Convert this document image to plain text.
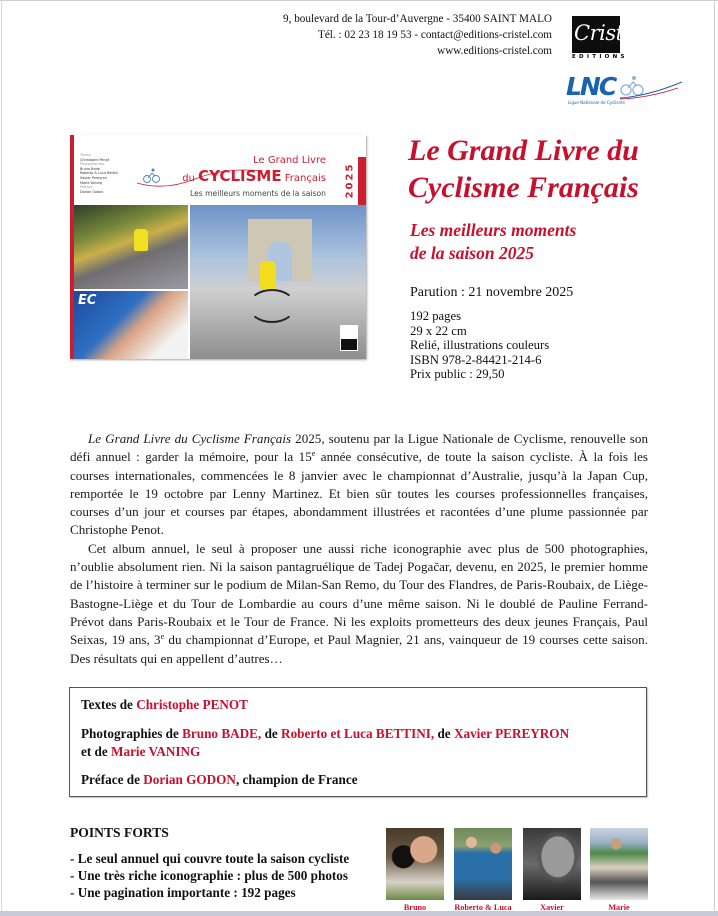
9, boulevard de la Tour-d’Auvergne - 35400 SAINT MALO
Tél. : 02 23 18 19 53 - contact@editions-cristel.com
www.editions-cristel.com
Cristel
EDITIONS
LNC
Ligue Nationale de Cyclisme
Textes
Christophe Penot
Photographies
Bruno Bade
Roberto & Luca Bettini
Xavier Pereyron
Marie Vaning
Préface
Dorian Godon
Le Grand Livre
du CYCLISME Français
Les meilleurs moments de la saison 2025
EC
Le Grand Livre du
Cyclisme Français
Les meilleurs moments
de la saison 2025
Parution : 21 novembre 2025
192 pages
29 x 22 cm
Relié, illustrations couleurs
ISBN 978-2-84421-214-6
Prix public : 29,50

Le Grand Livre du Cyclisme Français 2025, soutenu par la Ligue Nationale de Cyclisme, renouvelle son défi annuel : garder la mémoire, pour la 15e année consécutive, de toute la saison cycliste. À la fois les courses internationales, commencées le 8 janvier avec le championnat d’Australie, jusqu’à la Japan Cup, remportée le 19 octobre par Lenny Martinez. Et bien sûr toutes les courses professionnelles françaises, courses d’un jour et courses par étapes, abondamment illustrées et racontées d’une plume passionnée par Christophe Penot.

Cet album annuel, le seul à proposer une aussi riche iconographie avec plus de 500 photographies, n’oublie absolument rien. Ni la saison pantagruélique de Tadej Pogačar, devenu, en 2025, le premier homme de l’histoire à terminer sur le podium de Milan-San Remo, du Tour des Flandres, de Paris-Roubaix, de Liège-Bastogne-Liège et du Tour de Lombardie au cours d’une même saison. Ni le doublé de Pauline Ferrand-Prévot dans Paris-Roubaix et le Tour de France. Ni les exploits prometteurs des deux jeunes Français, Paul Seixas, 19 ans, 3e du championnat d’Europe, et Paul Magnier, 21 ans, vainqueur de 19 courses cette saison. Des résultats qui en appellent d’autres…

Textes de Christophe PENOT
Photographies de Bruno BADE, de Roberto et Luca BETTINI, de Xavier PEREYRON
et de Marie VANING
Préface de Dorian GODON, champion de France
POINTS FORTS
- Le seul annuel qui couvre toute la saison cycliste
- Une très riche iconographie : plus de 500 photos
- Une pagination importante : 192 pages
Bruno	Roberto & Luca	Xavier	Marie
